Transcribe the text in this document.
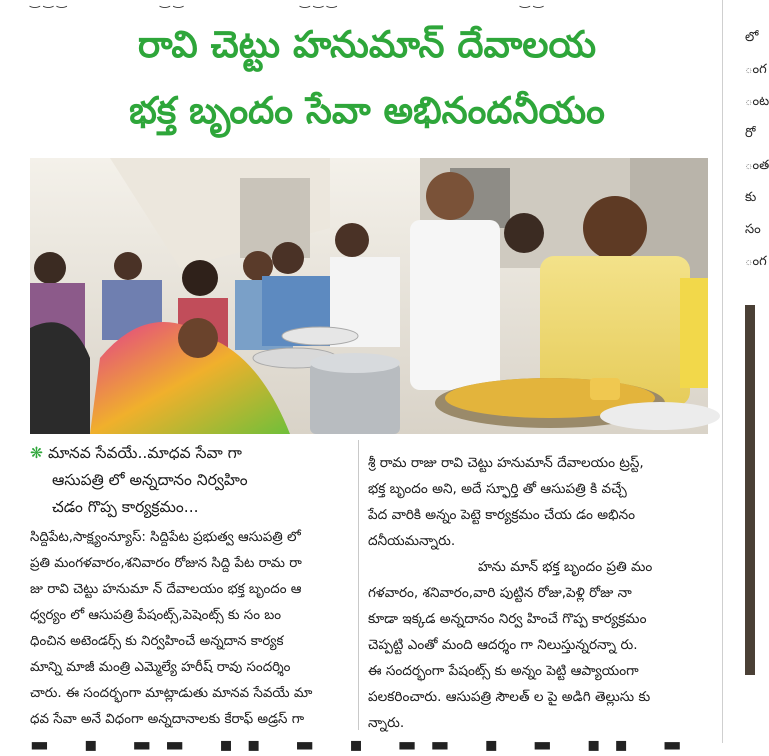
‿ ‿ ‿	‿ ‿	‿ ‿ ‿	‿ ‿
లో
ంగ
ంట
రో
ంత
కు
సం
ంగ
రావి చెట్టు హనుమాన్ దేవాలయ
భక్త బృందం సేవా అభినందనీయం
❋ మానవ సేవయే..మాధవ సేవా గా
ఆసుపత్రి లో అన్నదానం నిర్వహిం
చడం గొప్ప కార్యక్రమం...
సిద్దిపేట,సాక్ష్యంన్యూస్: సిద్దిపేట ప్రభుత్వ ఆసుపత్రి లో
ప్రతి మంగళవారం,శనివారం రోజున సిద్ది పేట రామ రా
జు రావి చెట్టు హనుమా న్ దేవాలయం భక్త బృందం ఆ
ధ్వర్యం లో ఆసుపత్రి పేషంట్స్,పెషెంట్స్ కు సం బం
ధించిన అటెండర్స్ కు నిర్వహించే అన్నదాన కార్యక
మాన్ని మాజీ మంత్రి ఎమ్మెల్యే హరీష్ రావు సందర్శిం
చారు. ఈ సందర్భంగా మాట్లాడుతు మానవ సేవయే మా
ధవ సేవా అనే విధంగా అన్నదానాలకు కేరాఫ్ అడ్రస్ గా
శ్రీ రామ రాజు రావి చెట్టు హనుమాన్ దేవాలయం ట్రస్ట్,
భక్త బృందం అని, అదే స్ఫూర్తి తో ఆసుపత్రి కి వచ్చే
పేద వారికి అన్నం పెట్టె కార్యక్రమం చేయ డం అభినం
దనీయమన్నారు.
హను మాన్ భక్త బృందం ప్రతి మం
గళవారం, శనివారం,వారి పుట్టిన రోజు,పెళ్లి రోజు నా
కూడా ఇక్కడ అన్నదానం నిర్వ హించే గొప్ప కార్యక్రమం
చెప్పట్టి ఎంతో మంది ఆదర్శం గా నిలుస్తున్నరన్నా రు.
ఈ సందర్భంగా పేషంట్స్ కు అన్నం పెట్టి ఆప్యాయంగా
పలకరించారు. ఆసుపత్రి సౌలత్ ల పై అడిగి తెల్లుసు కు
న్నారు.
▬ ▪ ▬▬ ▪▪ ▬ ▪ ▬▬ ▪ ▬ ▪▪ ▬
